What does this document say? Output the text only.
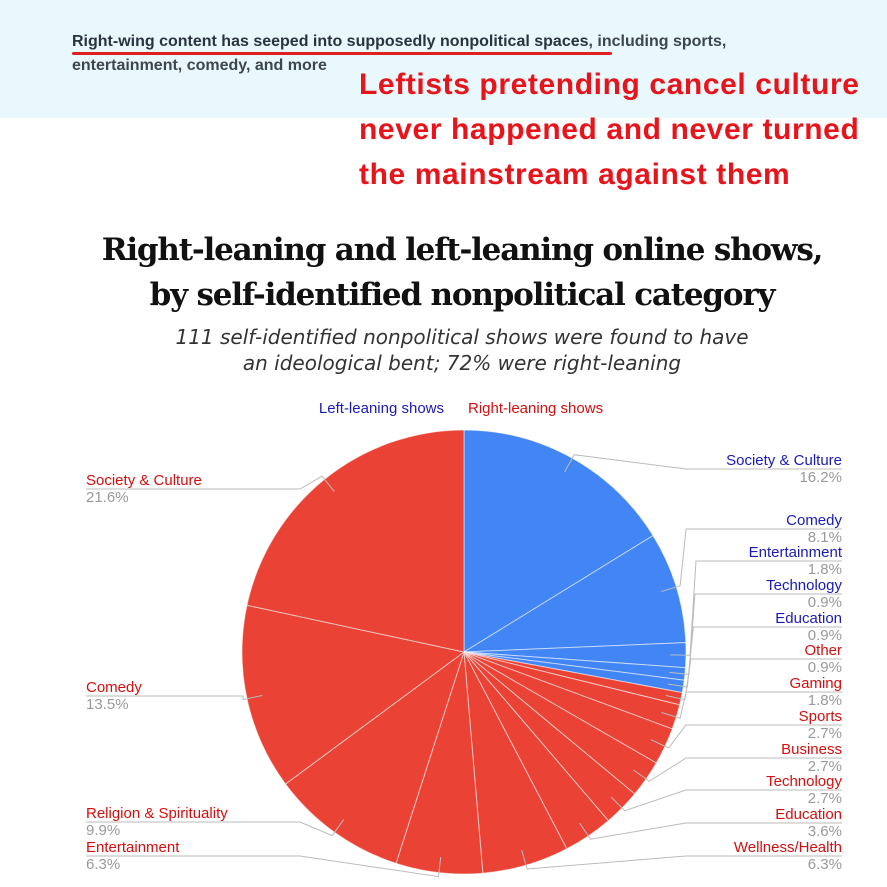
Right-wing content has seeped into supposedly nonpolitical spaces, including sports, entertainment, comedy, and more
Leftists pretending cancel culture never happened and never turned the mainstream against them
Right-leaning and left-leaning online shows,
by self-identified nonpolitical category
111 self-identified nonpolitical shows were found to have
an ideological bent; 72% were right-leaning
Left-leaning shows Right-leaning shows
Society & Culture
16.2%
Comedy
8.1%
Entertainment
1.8%
Technology
0.9%
Education
0.9%
Other
0.9%
Gaming
1.8%
Sports
2.7%
Business
2.7%
Technology
2.7%
Education
3.6%
Wellness/Health
6.3%
Entertainment
6.3%
Religion & Spirituality
9.9%
Comedy
13.5%
Society & Culture
21.6%
